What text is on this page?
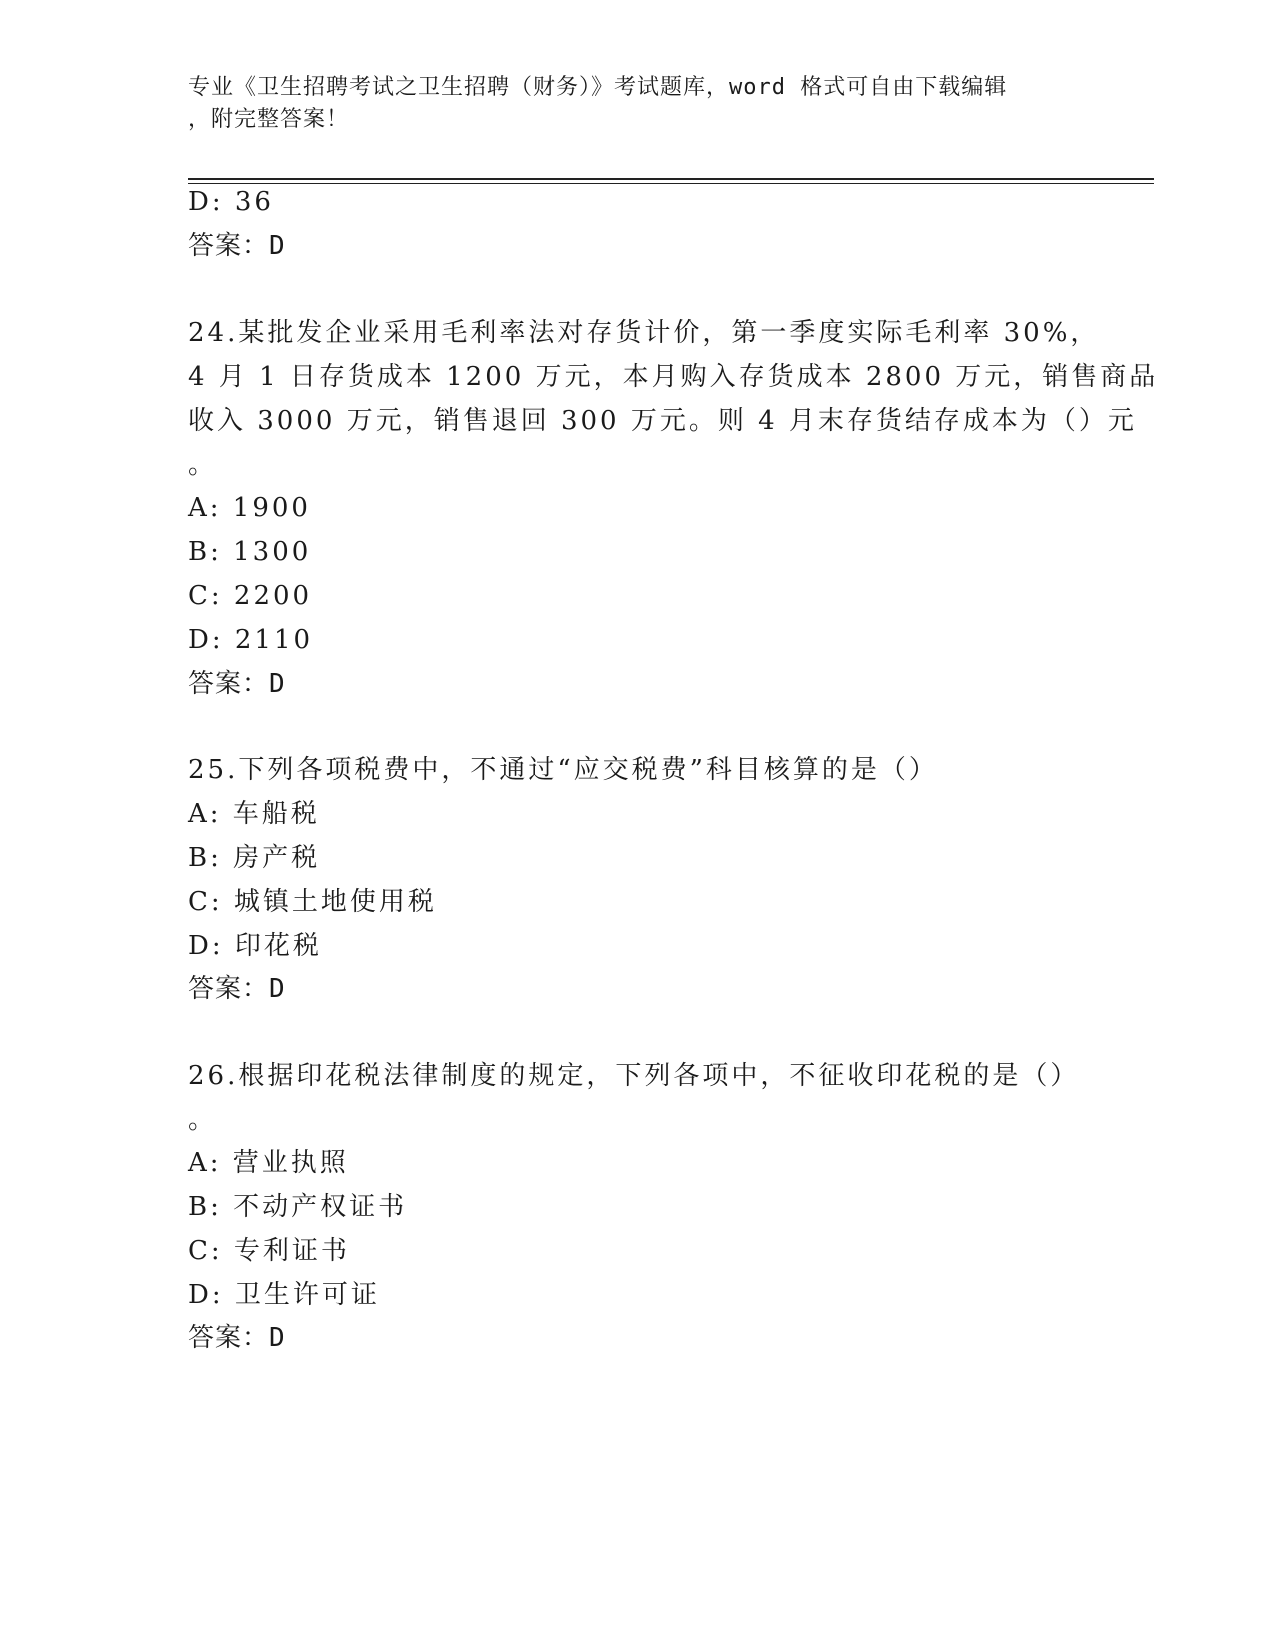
专业《卫生招聘考试之卫生招聘（财务）》考试题库，word 格式可自由下载编辑
，附完整答案！
D: 36
答案：D
24.某批发企业采用毛利率法对存货计价，第一季度实际毛利率 30%，
4 月 1 日存货成本 1200 万元，本月购入存货成本 2800 万元，销售商品
收入 3000 万元，销售退回 300 万元。则 4 月末存货结存成本为（）元
。
A: 1900
B: 1300
C: 2200
D: 2110
答案：D
25.下列各项税费中，不通过“应交税费”科目核算的是（）
A: 车船税
B: 房产税
C: 城镇土地使用税
D: 印花税
答案：D
26.根据印花税法律制度的规定，下列各项中，不征收印花税的是（）
。
A: 营业执照
B: 不动产权证书
C: 专利证书
D: 卫生许可证
答案：D
